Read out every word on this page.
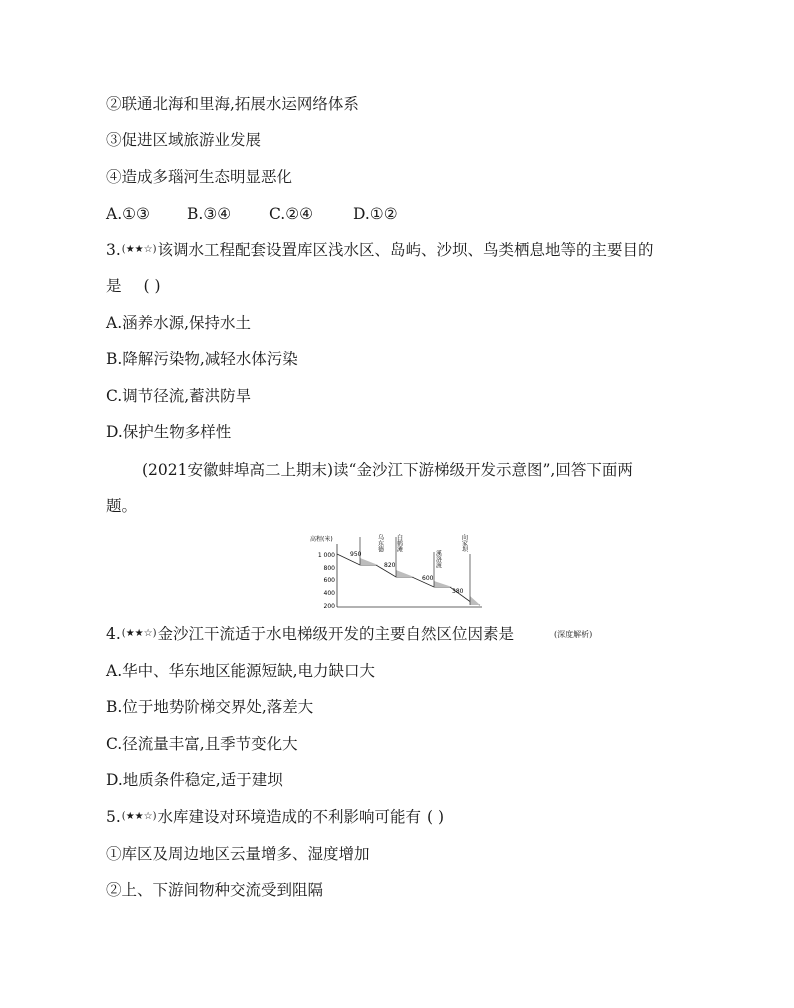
②联通北海和里海,拓展水运网络体系
③促进区域旅游业发展
④造成多瑙河生态明显恶化
A.①③ B.③④ C.②④	D.①②
3.(★★☆)该调水工程配套设置库区浅水区、岛屿、沙坝、鸟类栖息地等的主要目的
是 ( )
A.涵养水源,保持水土
B.降解污染物,减轻水体污染
C.调节径流,蓄洪防旱
D.保护生物多样性
(2021安徽蚌埠高二上期末)读“金沙江下游梯级开发示意图”,回答下面两
题。
高程(米)
1 000
800
600
400
200
950
820
600
380
乌东德 白鹤滩
溪洛渡
向家坝
4.(★★☆)金沙江干流适于水电梯级开发的主要自然区位因素是	(深度解析)
A.华中、华东地区能源短缺,电力缺口大
B.位于地势阶梯交界处,落差大
C.径流量丰富,且季节变化大
D.地质条件稳定,适于建坝
5.(★★☆)水库建设对环境造成的不利影响可能有 ( )
①库区及周边地区云量增多、湿度增加
②上、下游间物种交流受到阻隔
